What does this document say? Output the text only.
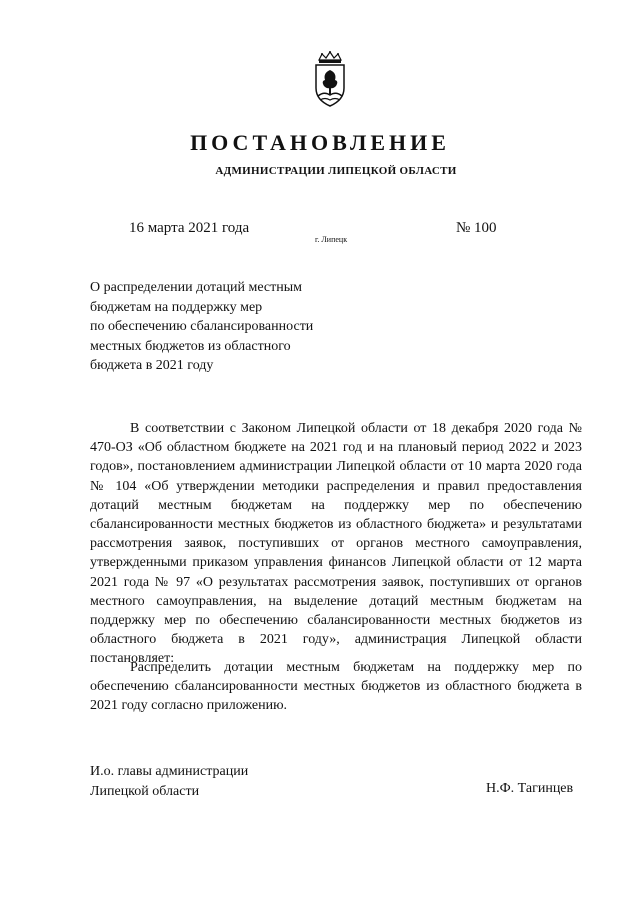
ПОСТАНОВЛЕНИЕ
АДМИНИСТРАЦИИ ЛИПЕЦКОЙ ОБЛАСТИ
16 марта 2021 года
г. Липецк
№ 100
О распределении дотаций местным
бюджетам на поддержку мер
по обеспечению сбалансированности
местных бюджетов из областного
бюджета в 2021 году

В соответствии с Законом Липецкой области от 18 декабря 2020 года № 470-ОЗ «Об областном бюджете на 2021 год и на плановый период 2022 и 2023 годов», постановлением администрации Липецкой области от 10 марта 2020 года № 104 «Об утверждении методики распределения и правил предоставления дотаций местным бюджетам на поддержку мер по обеспечению сбалансированности местных бюджетов из областного бюджета» и результатами рассмотрения заявок, поступивших от органов местного самоуправления, утвержденными приказом управления финансов Липецкой области от 12 марта 2021 года № 97 «О результатах рассмотрения заявок, поступивших от органов местного самоуправления, на выделение дотаций местным бюджетам на поддержку мер по обеспечению сбалансированности местных бюджетов из областного бюджета в 2021 году», администрация Липецкой области постановляет:

Распределить дотации местным бюджетам на поддержку мер по обеспечению сбалансированности местных бюджетов из областного бюджета в 2021 году согласно приложению.

И.о. главы администрации
Липецкой области	Н.Ф. Тагинцев
